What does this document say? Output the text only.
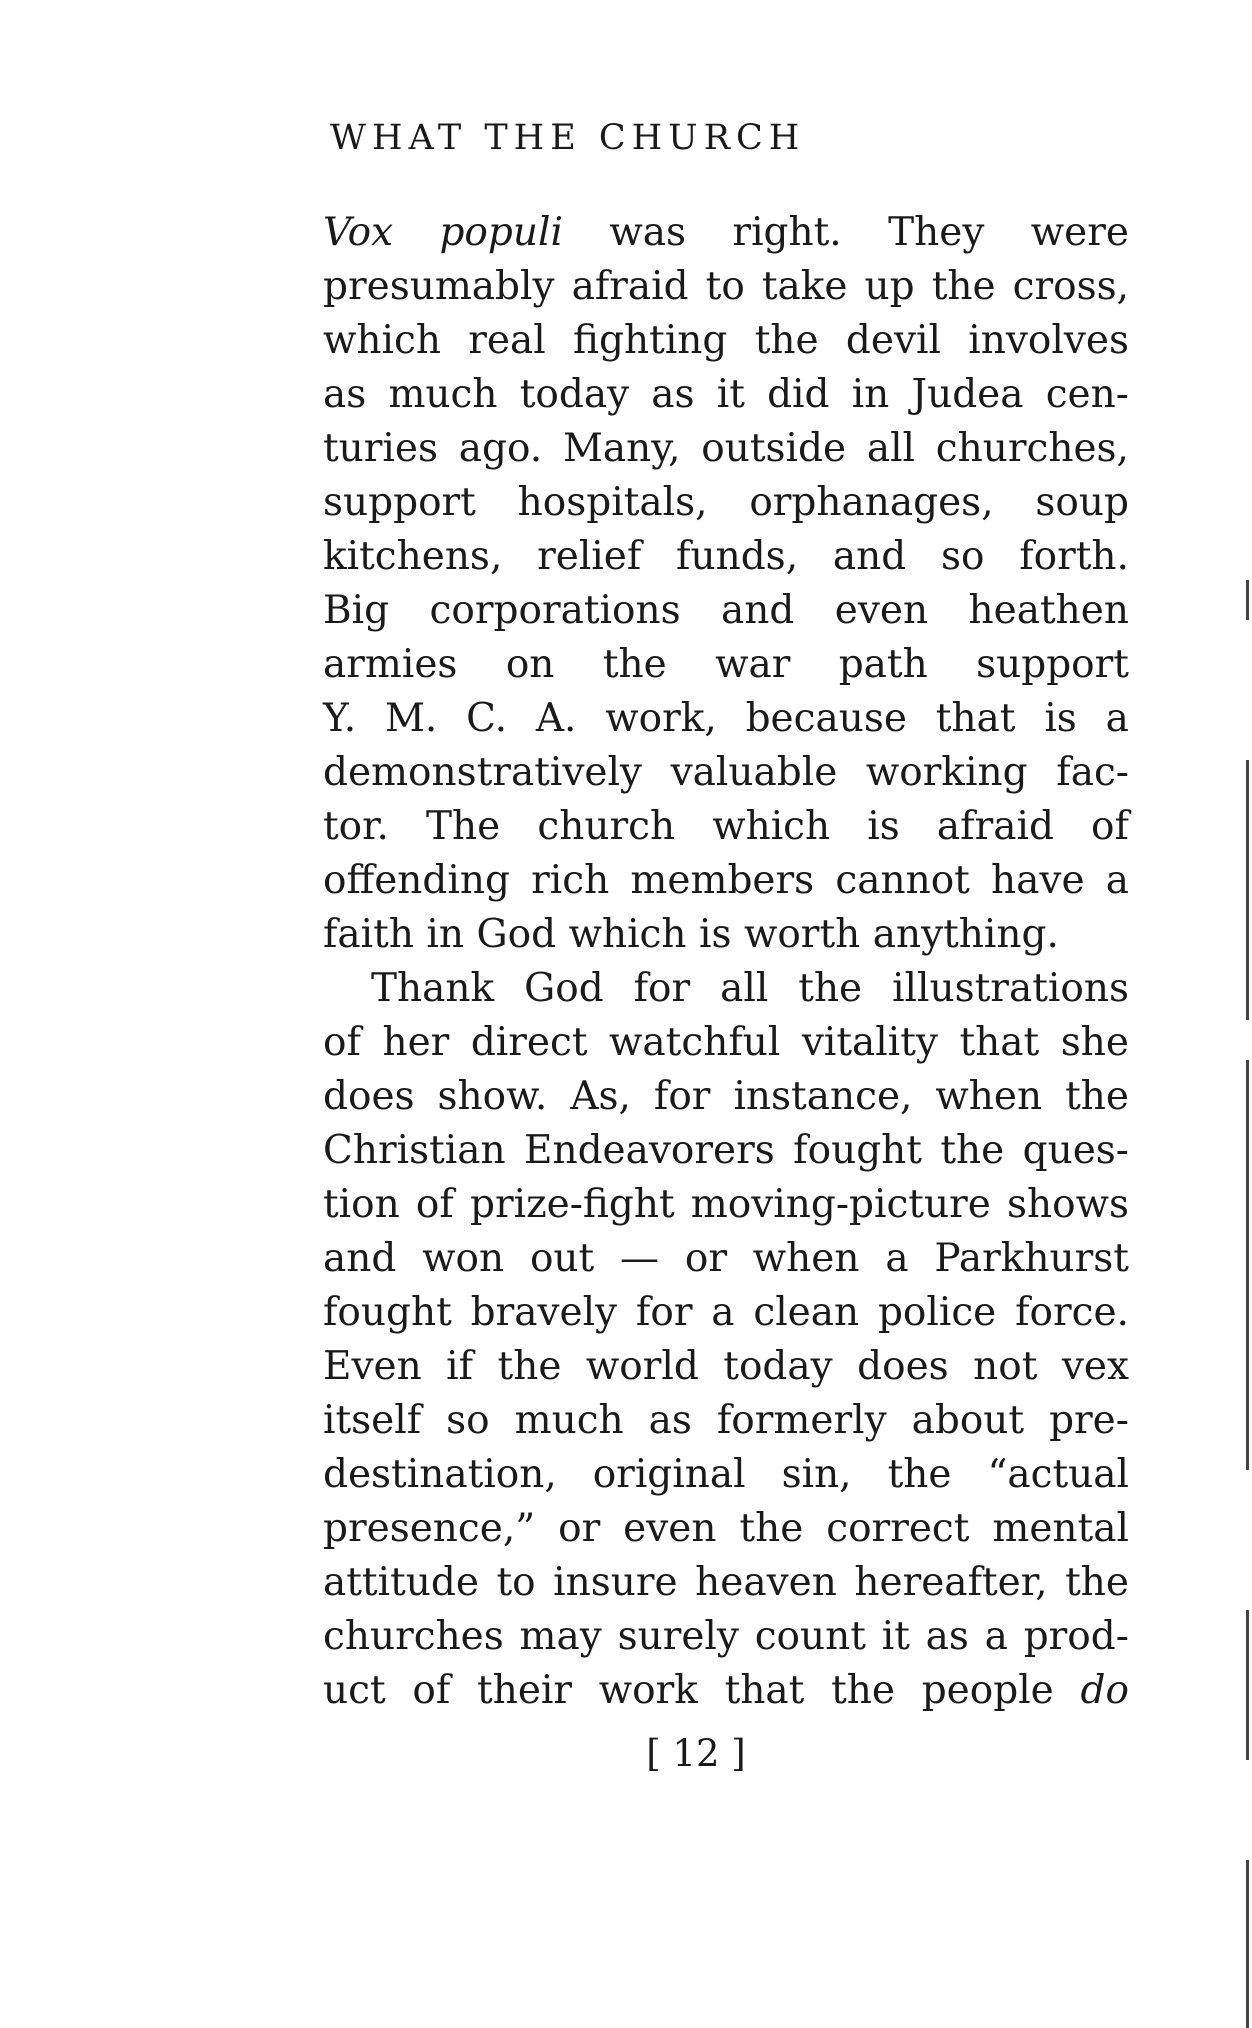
WHAT THE CHURCH
Vox populi was right. They were
presumably afraid to take up the cross,
which real fighting the devil involves
as much today as it did in Judea cen-
turies ago. Many, outside all churches,
support hospitals, orphanages, soup
kitchens, relief funds, and so forth.
Big corporations and even heathen
armies on the war path support
Y. M. C. A. work, because that is a
demonstratively valuable working fac-
tor. The church which is afraid of
offending rich members cannot have a
faith in God which is worth anything.
Thank God for all the illustrations
of her direct watchful vitality that she
does show. As, for instance, when the
Christian Endeavorers fought the ques-
tion of prize-fight moving-picture shows
and won out — or when a Parkhurst
fought bravely for a clean police force.
Even if the world today does not vex
itself so much as formerly about pre-
destination, original sin, the “actual
presence,” or even the correct mental
attitude to insure heaven hereafter, the
churches may surely count it as a prod-
uct of their work that the people do
[ 12 ]
